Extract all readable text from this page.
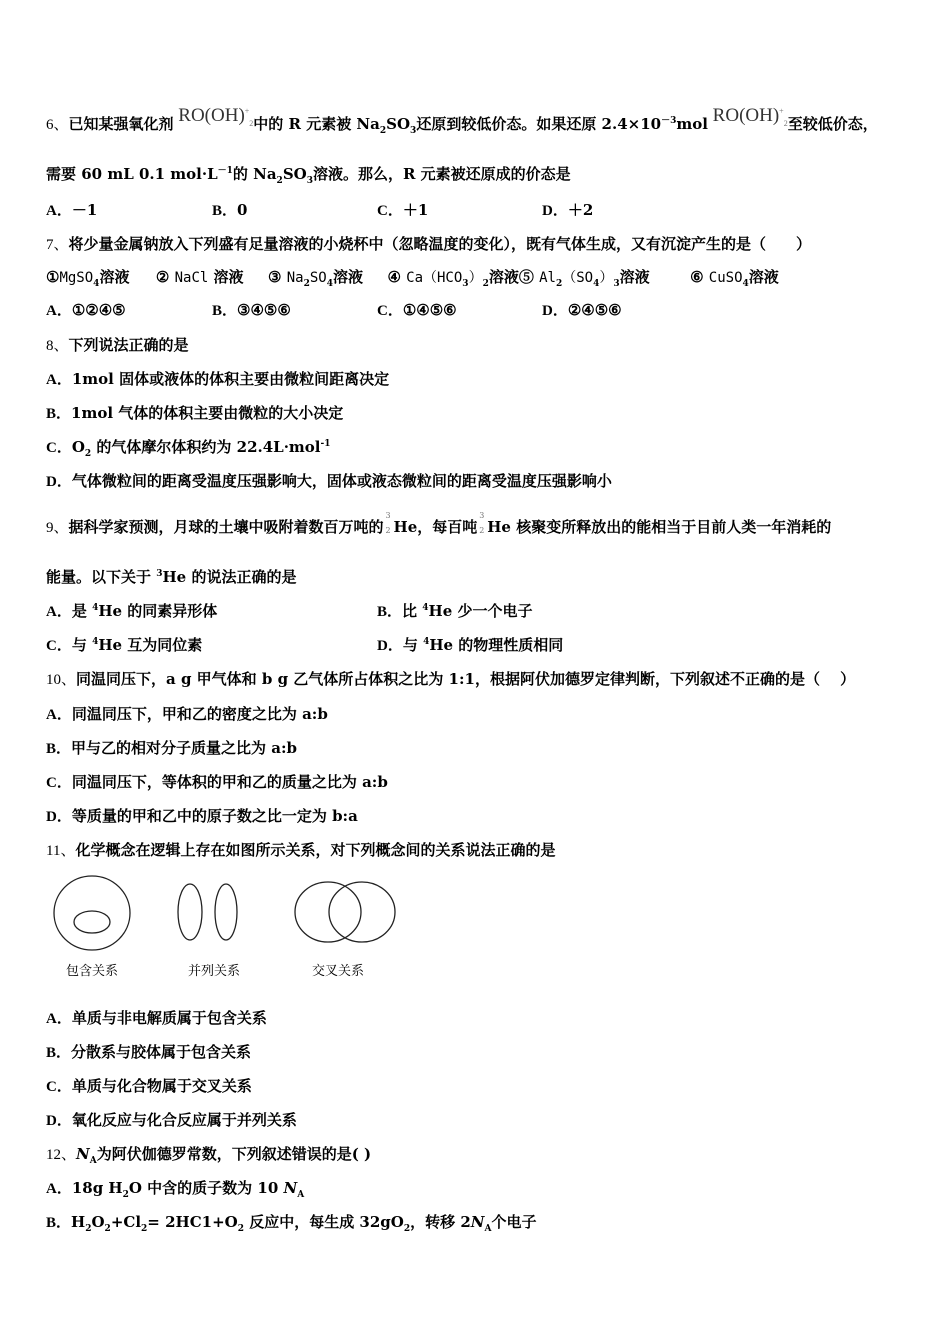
6、已知某强氧化剂 $RO(OH)^+_2$中的 R 元素被 $Na_2SO_3$还原到较低价态。如果还原 $2.4\times 10^{-3}mol$ $RO(OH)^+_2$至较低价态，
需要 60 mL 0.1 $mol\cdot L^{-1}$的 $Na_2SO_3$溶液。那么，R 元素被还原成的价态是
A．－1	B．0	C．＋1	D．＋2
7、将少量金属钠放入下列盛有足量溶液的小烧杯中（忽略温度的变化），既有气体生成，又有沉淀产生的是（　　）
①MgSO$_4$溶液 ② NaCl 溶液 ③ $Na_2SO_4$溶液 ④ $Ca(HCO_3)_2$溶液⑤ $Al_2(SO_4)_3$溶液	⑥ CuSO$_4$溶液
A．①②④⑤	B．③④⑤⑥	C．①④⑤⑥	D．②④⑤⑥
8、下列说法正确的是
A．1mol 固体或液体的体积主要由微粒间距离决定
B．1mol 气体的体积主要由微粒的大小决定
C．$O_2$ 的气体摩尔体积约为 22.4L·mol$^{-1}$
D．气体微粒间的距离受温度压强影响大，固体或液态微粒间的距离受温度压强影响小
9、据科学家预测，月球的土壤中吸附着数百万吨的
3
2 He，每百吨
3
2 He 核聚变所释放出的能相当于目前人类一年消耗的
能量。以下关于 $^3$He 的说法正确的是
A．是 $^4$He 的同素异形体	B．比 $^4$He 少一个电子
C．与 $^4$He 互为同位素	D．与 $^4$He 的物理性质相同
10、同温同压下，a g 甲气体和 b g 乙气体所占体积之比为 1:1，根据阿伏加德罗定律判断，下列叙述不正确的是（　 ）
A．同温同压下，甲和乙的密度之比为 a:b
B．甲与乙的相对分子质量之比为 a:b
C．同温同压下，等体积的甲和乙的质量之比为 a:b
D．等质量的甲和乙中的原子数之比一定为 b:a
11、化学概念在逻辑上存在如图所示关系，对下列概念间的关系说法正确的是
包含关系	并列关系	交叉关系
A．单质与非电解质属于包含关系
B．分散系与胶体属于包含关系
C．单质与化合物属于交叉关系
D．氧化反应与化合反应属于并列关系
12、$N_A$为阿伏伽德罗常数，下列叙述错误的是( )
A．18g $H_2O$ 中含的质子数为 10 $N_A$
B．$H_2O_2+Cl_2= 2HC1+O_2$ 反应中，每生成 $32gO_2$，转移 $2N_A$个电子
